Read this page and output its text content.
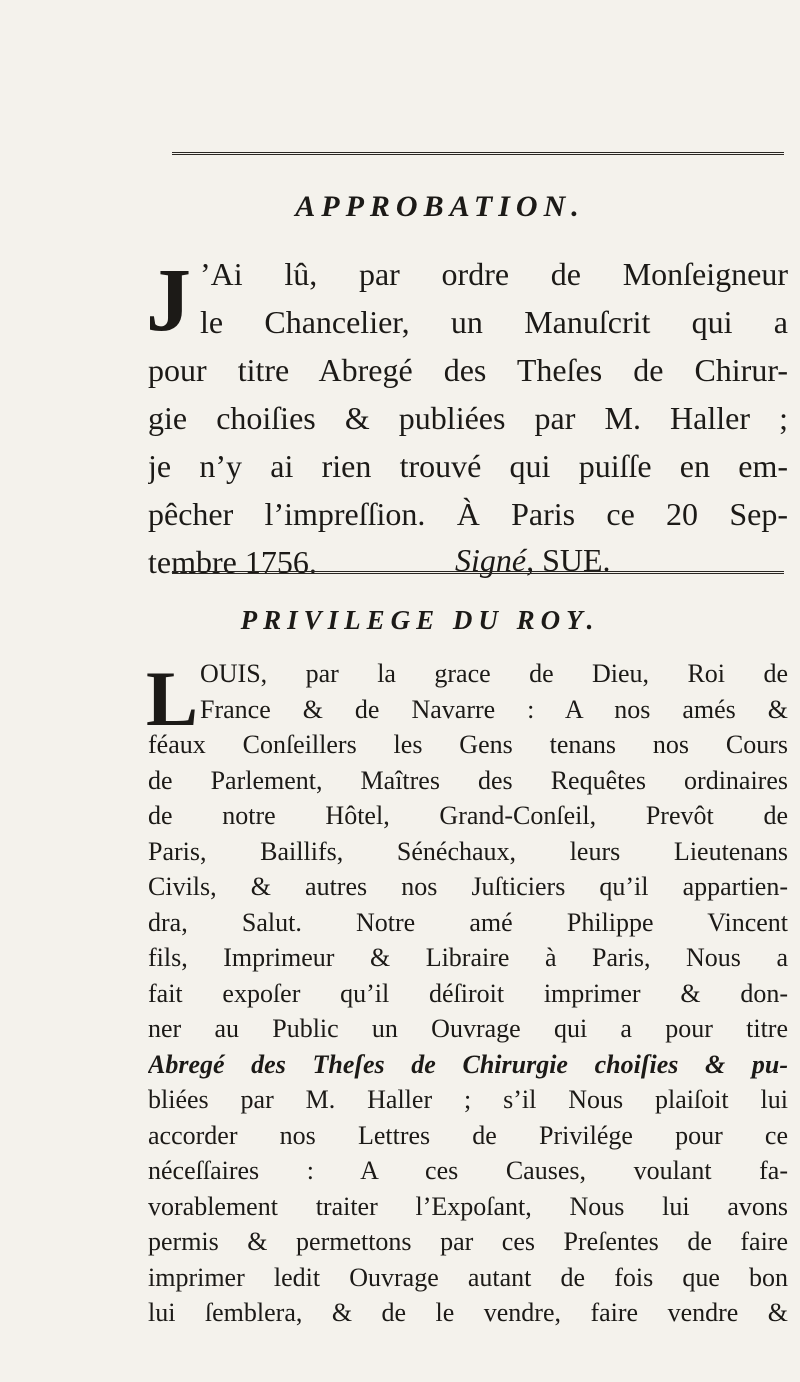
APPROBATION.
J ’Ai lû, par ordre de Monſeigneur
le Chancelier, un Manuſcrit qui a
pour titre Abregé des Theſes de Chirur-
gie choiſies & publiées par M. Haller ;
je n’y ai rien trouvé qui puiſſe en em-
pêcher l’impreſſion. À Paris ce 20 Sep-
tembre 1756.	Signé, SUE.
PRIVILEGE DU ROY.
L OUIS, par la grace de Dieu, Roi de
France & de Navarre : A nos amés &
féaux Conſeillers les Gens tenans nos Cours
de Parlement, Maîtres des Requêtes ordinaires
de notre Hôtel, Grand-Conſeil, Prevôt de
Paris, Baillifs, Sénéchaux, leurs Lieutenans
Civils, & autres nos Juſticiers qu’il appartien-
dra, Salut. Notre amé Philippe Vincent
fils, Imprimeur & Libraire à Paris, Nous a
fait expoſer qu’il déſiroit imprimer & don-
ner au Public un Ouvrage qui a pour titre
Abregé des Theſes de Chirurgie choiſies & pu-
bliées par M. Haller ; s’il Nous plaiſoit lui
accorder nos Lettres de Privilége pour ce
néceſſaires : A ces Causes, voulant fa-
vorablement traiter l’Expoſant, Nous lui avons
permis & permettons par ces Preſentes de faire
imprimer ledit Ouvrage autant de fois que bon
lui ſemblera, & de le vendre, faire vendre &
